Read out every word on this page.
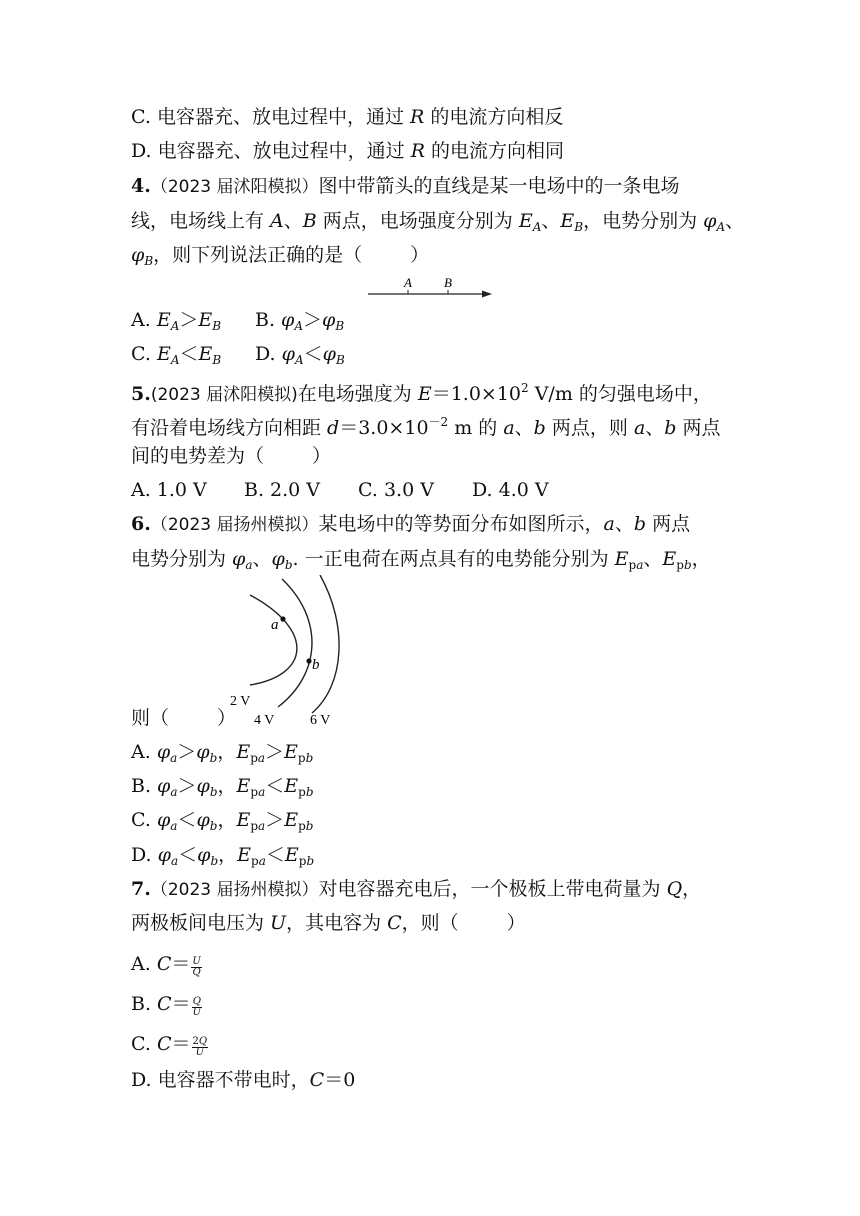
C. 电容器充、放电过程中，通过 R 的电流方向相反
D. 电容器充、放电过程中，通过 R 的电流方向相同
4.（2023 届沭阳模拟）图中带箭头的直线是某一电场中的一条电场
线，电场线上有 A、B 两点，电场强度分别为 $E_A$、$E_B$，电势分别为 $\varphi_A$、
$\varphi_B$，则下列说法正确的是（	）
A B
A. $E_A>E_B$ B. $\varphi_A>\varphi_B$
C. $E_A<E_B$ D. $\varphi_A<\varphi_B$
5.(2023 届沭阳模拟)在电场强度为 $E=1.0\times 10^2$ V/m 的匀强电场中，
有沿着电场线方向相距 $d=3.0\times 10^{-2}$ m 的 a、b 两点，则 a、b 两点
间的电势差为（	）
A. 1.0 V B. 2.0 V C. 3.0 V D. 4.0 V
6.（2023 届扬州模拟）某电场中的等势面分布如图所示，a、b 两点
电势分别为 $\varphi_a$、$\varphi_b$. 一正电荷在两点具有的电势能分别为 $E_{pa}$、$E_{pb}$，
a
b
2 V
4 V	6 V
则（	）
A. $\varphi_a>\varphi_b$，$E_{pa}>E_{pb}$
B. $\varphi_a>\varphi_b$，$E_{pa}<E_{pb}$
C. $\varphi_a<\varphi_b$，$E_{pa}>E_{pb}$
D. $\varphi_a<\varphi_b$，$E_{pa}<E_{pb}$
7.（2023 届扬州模拟）对电容器充电后，一个极板上带电荷量为 Q，
两极板间电压为 U，其电容为 C，则（	）
A. $C= \frac{U}{Q}$
B. $C= \frac{Q}{U}$
C. $C= \frac{2Q}{U}$
D. 电容器不带电时，C＝0
